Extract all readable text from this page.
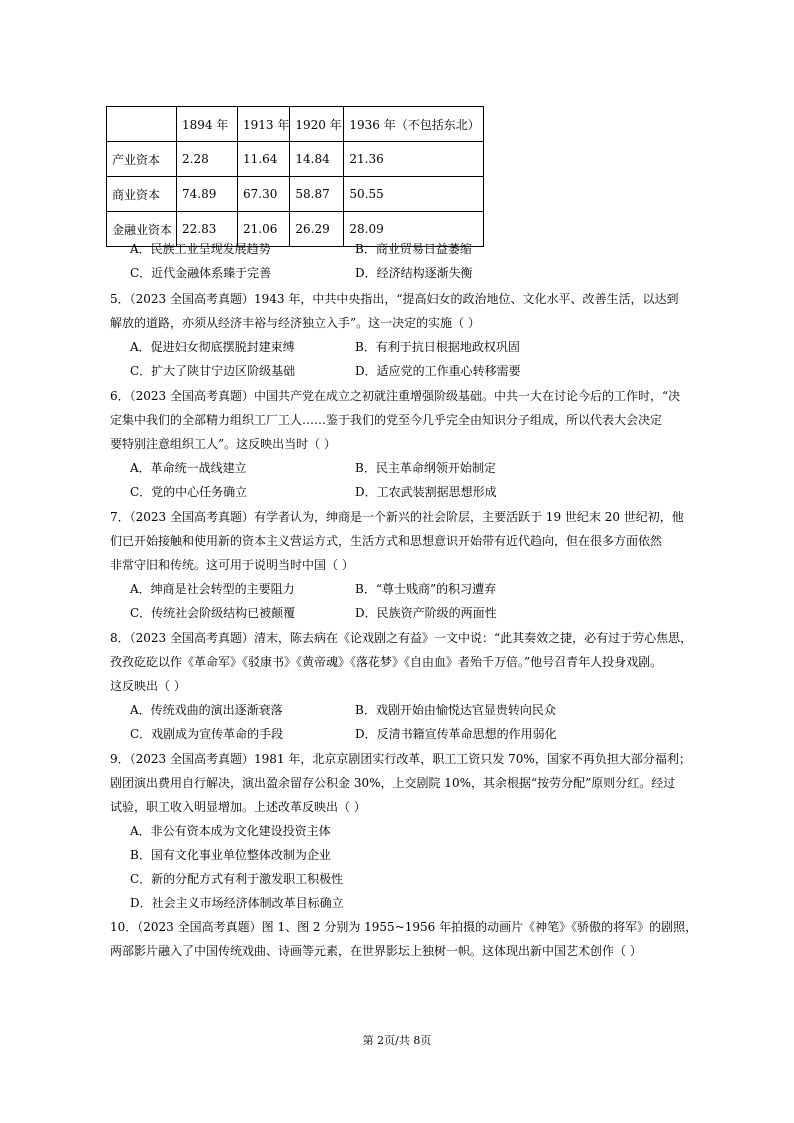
	1894 年	1913 年	1920 年	1936 年（不包括东北）
产业资本	2.28	11.64	14.84	21.36
商业资本	74.89	67.30	58.87	50.55
金融业资本	22.83	21.06	26.29	28.09
A．民族工业呈现发展趋势	B．商业贸易日益萎缩
C．近代金融体系臻于完善	D．经济结构逐渐失衡
5．（2023 全国高考真题）1943 年，中共中央指出，“提高妇女的政治地位、文化水平、改善生活，以达到
解放的道路，亦须从经济丰裕与经济独立入手”。这一决定的实施（ ）
A．促进妇女彻底摆脱封建束缚	B．有利于抗日根据地政权巩固
C．扩大了陕甘宁边区阶级基础	D．适应党的工作重心转移需要
6．（2023 全国高考真题）中国共产党在成立之初就注重增强阶级基础。中共一大在讨论今后的工作时，“决
定集中我们的全部精力组织工厂工人……鉴于我们的党至今几乎完全由知识分子组成，所以代表大会决定
要特别注意组织工人”。这反映出当时（ ）
A．革命统一战线建立	B．民主革命纲领开始制定
C．党的中心任务确立	D．工农武装割据思想形成
7．（2023 全国高考真题）有学者认为，绅商是一个新兴的社会阶层，主要活跃于 19 世纪末 20 世纪初，他
们已开始接触和使用新的资本主义营运方式，生活方式和思想意识开始带有近代趋向，但在很多方面依然
非常守旧和传统。这可用于说明当时中国（ ）
A．绅商是社会转型的主要阻力	B．“尊士贱商”的积习遭弃
C．传统社会阶级结构已被颠覆	D．民族资产阶级的两面性
8．（2023 全国高考真题）清末，陈去病在《论戏剧之有益》一文中说：“此其奏效之捷，必有过于劳心焦思，
孜孜矻矻以作《革命军》《驳康书》《黄帝魂》《落花梦》《自由血》者殆千万倍。”他号召青年人投身戏剧。
这反映出（ ）
A．传统戏曲的演出逐渐衰落	B．戏剧开始由愉悦达官显贵转向民众
C．戏剧成为宣传革命的手段	D．反清书籍宣传革命思想的作用弱化
9．（2023 全国高考真题）1981 年，北京京剧团实行改革，职工工资只发 70%，国家不再负担大部分福利；
剧团演出费用自行解决，演出盈余留存公积金 30%，上交剧院 10%，其余根据“按劳分配”原则分红。经过
试验，职工收入明显增加。上述改革反映出（ ）
A．非公有资本成为文化建设投资主体
B．国有文化事业单位整体改制为企业
C．新的分配方式有利于激发职工积极性
D．社会主义市场经济体制改革目标确立
10．（2023 全国高考真题）图 1、图 2 分别为 1955~1956 年拍摄的动画片《神笔》《骄傲的将军》的剧照，
两部影片融入了中国传统戏曲、诗画等元素，在世界影坛上独树一帜。这体现出新中国艺术创作（ ）
第 2页/共 8页
